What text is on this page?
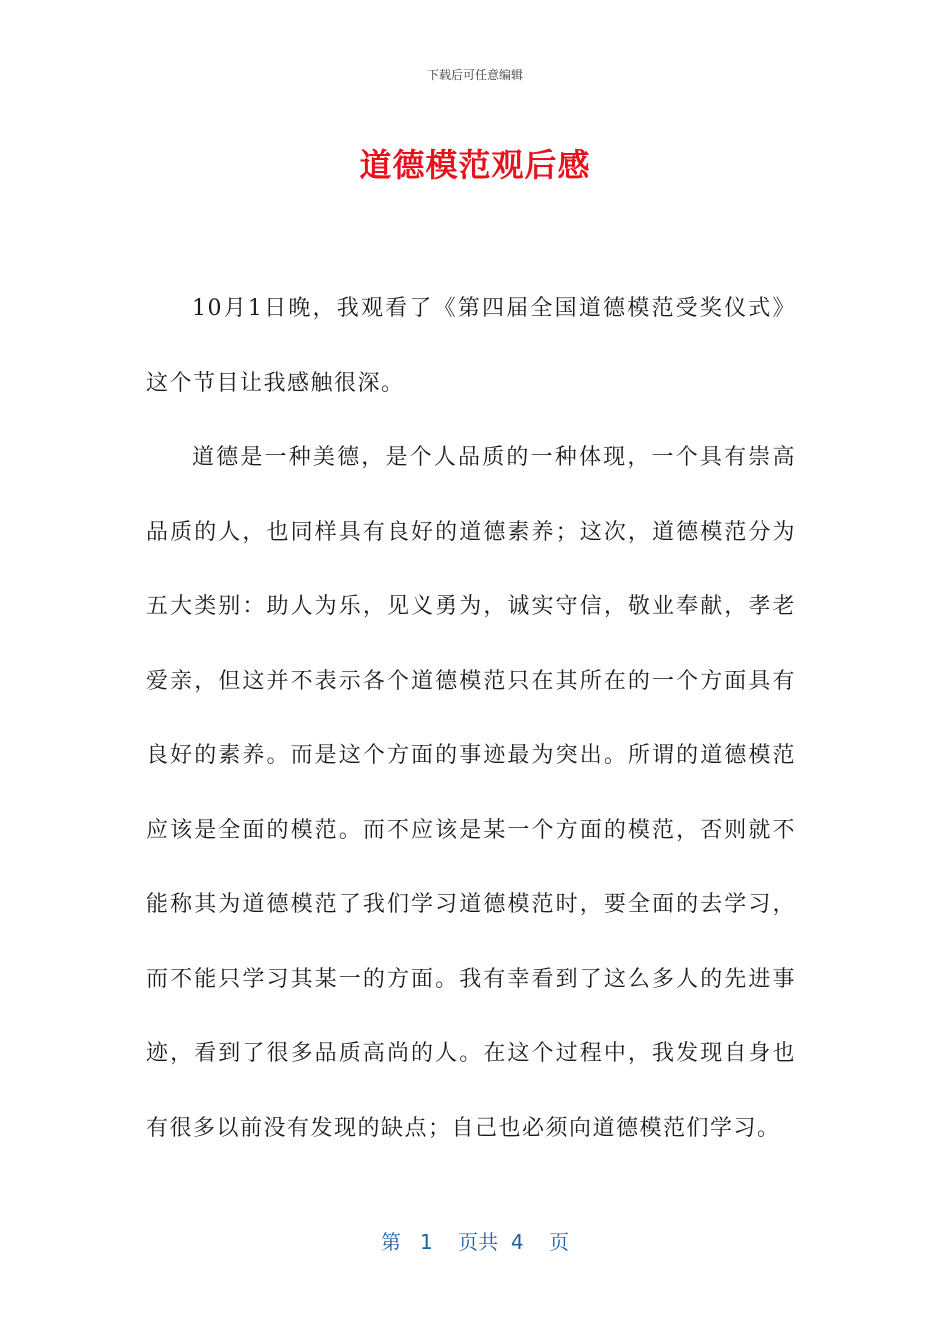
下载后可任意编辑
道德模范观后感

10月1日晚，我观看了《第四届全国道德模范受奖仪式》这个节目让我感触很深。

道德是一种美德，是个人品质的一种体现，一个具有崇高品质的人，也同样具有良好的道德素养；这次，道德模范分为五大类别：助人为乐，见义勇为，诚实守信，敬业奉献，孝老爱亲，但这并不表示各个道德模范只在其所在的一个方面具有良好的素养。而是这个方面的事迹最为突出。所谓的道德模范应该是全面的模范。而不应该是某一个方面的模范，否则就不能称其为道德模范了我们学习道德模范时，要全面的去学习，而不能只学习其某一的方面。我有幸看到了这么多人的先进事迹，看到了很多品质高尚的人。在这个过程中，我发现自身也有很多以前没有发现的缺点；自己也必须向道德模范们学习。

第 1 页共 4 页
